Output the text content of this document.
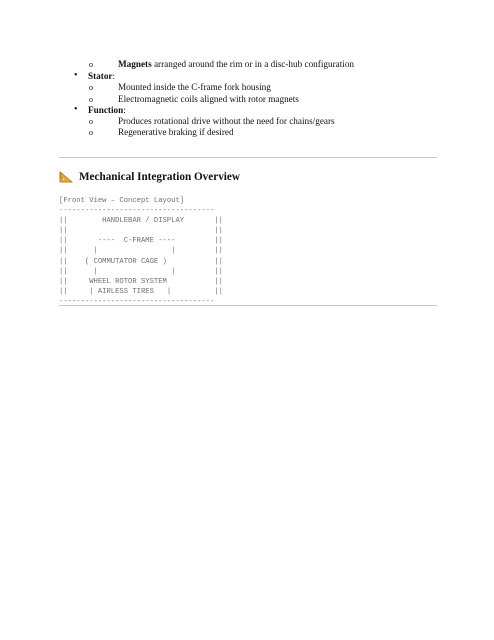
o	Magnets arranged around the rim or in a disc-hub configuration
• Stator:
o	Mounted inside the C-frame fork housing
o	Electromagnetic coils aligned with rotor magnets
• Function:
o	Produces rotational drive without the need for chains/gears
o	Regenerative braking if desired
Mechanical Integration Overview
[Front View – Concept Layout]
------------------------------------
||        HANDLEBAR / DISPLAY       ||
||                                  ||
||       ----  C-FRAME ----         ||
||      |                 |         ||
||    ( COMMUTATOR CAGE )           ||
||      |                 |         ||
||     WHEEL ROTOR SYSTEM           ||
||     | AIRLESS TIRES   |          ||
------------------------------------
